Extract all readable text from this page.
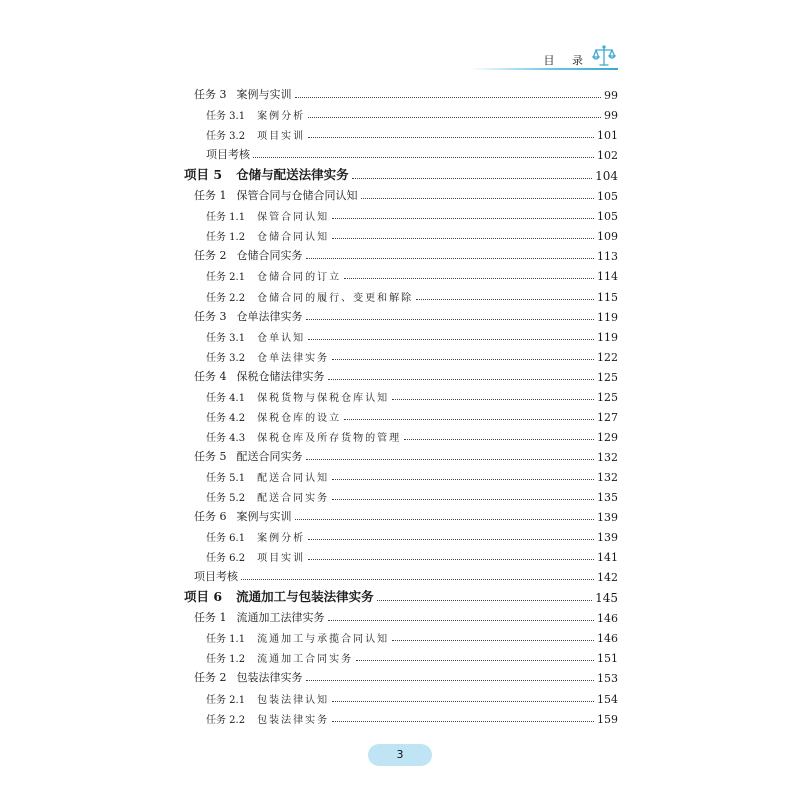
目 录
任务 3 案例与实训	99
任务 3.1 案例分析	99
任务 3.2 项目实训	101
项目考核	102
项目 5 仓储与配送法律实务	104
任务 1 保管合同与仓储合同认知	105
任务 1.1 保管合同认知	105
任务 1.2 仓储合同认知	109
任务 2 仓储合同实务	113
任务 2.1 仓储合同的订立	114
任务 2.2 仓储合同的履行、变更和解除	115
任务 3 仓单法律实务	119
任务 3.1 仓单认知	119
任务 3.2 仓单法律实务	122
任务 4 保税仓储法律实务	125
任务 4.1 保税货物与保税仓库认知	125
任务 4.2 保税仓库的设立	127
任务 4.3 保税仓库及所存货物的管理	129
任务 5 配送合同实务	132
任务 5.1 配送合同认知	132
任务 5.2 配送合同实务	135
任务 6 案例与实训	139
任务 6.1 案例分析	139
任务 6.2 项目实训	141
项目考核	142
项目 6 流通加工与包装法律实务	145
任务 1 流通加工法律实务	146
任务 1.1 流通加工与承揽合同认知	146
任务 1.2 流通加工合同实务	151
任务 2 包装法律实务	153
任务 2.1 包装法律认知	154
任务 2.2 包装法律实务	159
3
